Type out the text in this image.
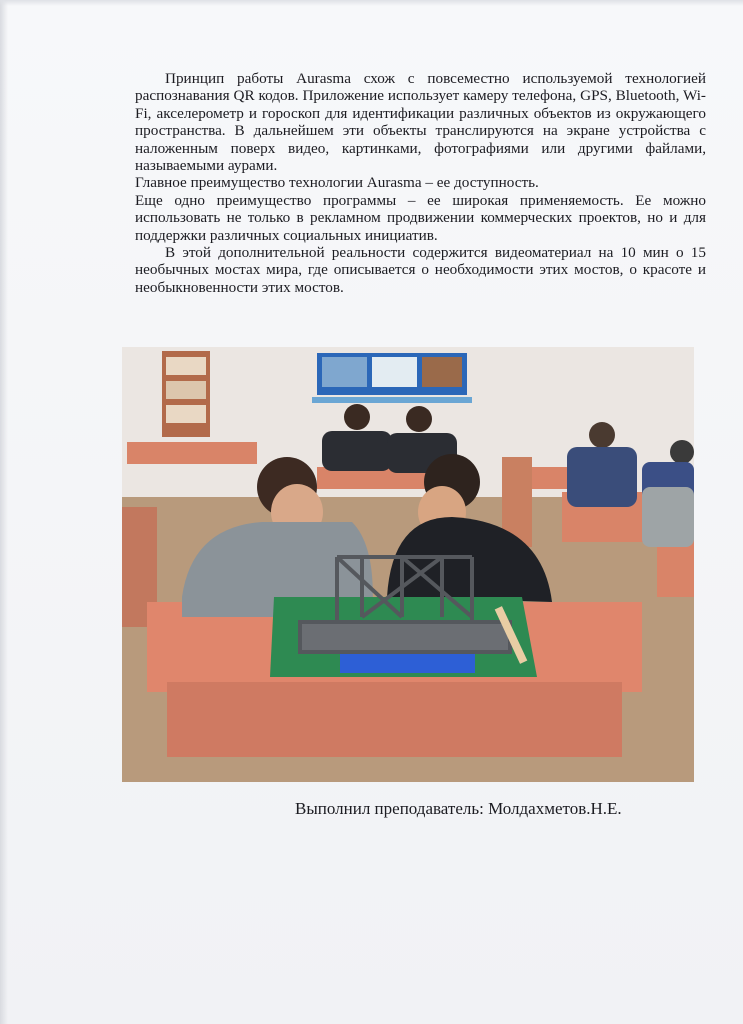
Принцип работы Aurasma схож с повсеместно используемой технологией распознавания QR кодов. Приложение использует камеру телефона, GPS, Bluetooth, Wi-Fi, акселерометр и гороскоп для идентификации различных объектов из окружающего пространства. В дальнейшем эти объекты транслируются на экране устройства с наложенным поверх видео, картинками, фотографиями или другими файлами, называемыми аурами.

Главное преимущество технологии Aurasma – ее доступность.

Еще одно преимущество программы – ее широкая применяемость. Ее можно использовать не только в рекламном продвижении коммерческих проектов, но и для поддержки различных социальных инициатив.

В этой дополнительной реальности содержится видеоматериал на 10 мин о 15 необычных мостах мира, где описывается о необходимости этих мостов, о красоте и необыкновенности этих мостов.

Выполнил преподаватель: Молдахметов.Н.Е.
